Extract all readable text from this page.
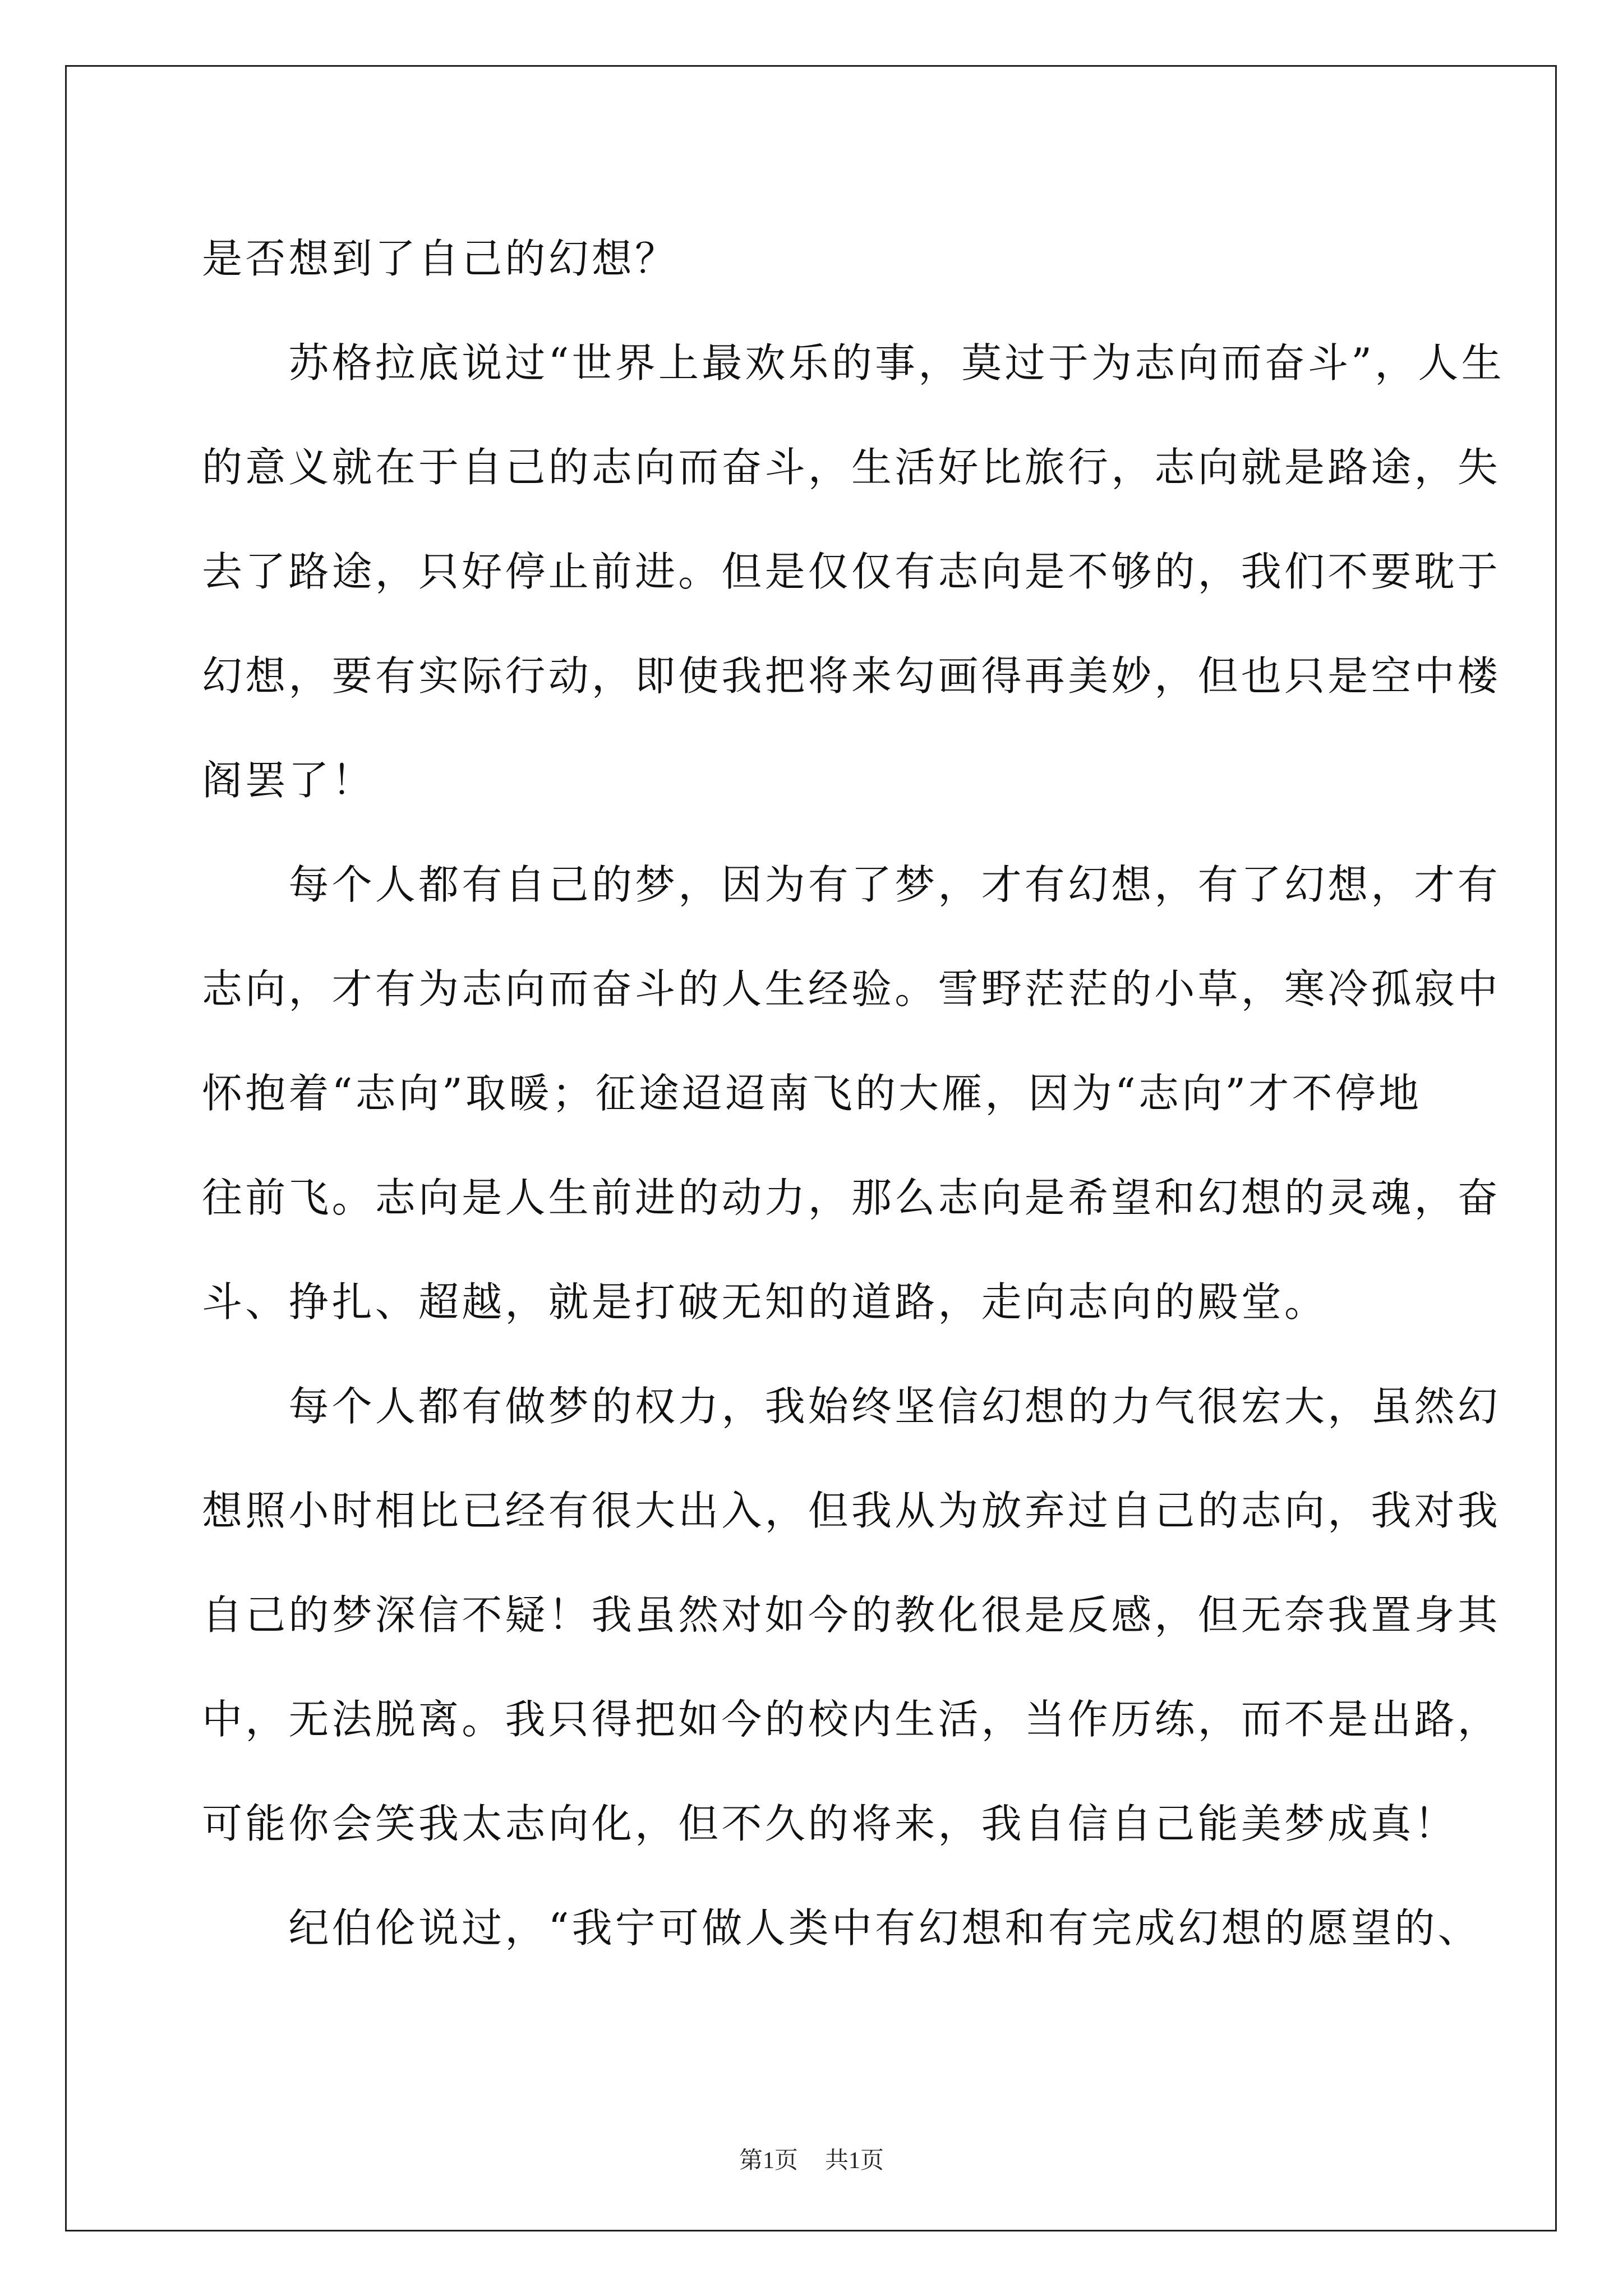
是否想到了自己的幻想？
　　苏格拉底说过“世界上最欢乐的事，莫过于为志向而奋斗”，人生
的意义就在于自己的志向而奋斗，生活好比旅行，志向就是路途，失
去了路途，只好停止前进。但是仅仅有志向是不够的，我们不要耽于
幻想，要有实际行动，即使我把将来勾画得再美妙，但也只是空中楼
阁罢了！
　　每个人都有自己的梦，因为有了梦，才有幻想，有了幻想，才有
志向，才有为志向而奋斗的人生经验。雪野茫茫的小草，寒冷孤寂中
怀抱着“志向”取暖；征途迢迢南飞的大雁，因为“志向”才不停地
往前飞。志向是人生前进的动力，那么志向是希望和幻想的灵魂，奋
斗、挣扎、超越，就是打破无知的道路，走向志向的殿堂。
　　每个人都有做梦的权力，我始终坚信幻想的力气很宏大，虽然幻
想照小时相比已经有很大出入，但我从为放弃过自己的志向，我对我
自己的梦深信不疑！我虽然对如今的教化很是反感，但无奈我置身其
中，无法脱离。我只得把如今的校内生活，当作历练，而不是出路，
可能你会笑我太志向化，但不久的将来，我自信自己能美梦成真！
　　纪伯伦说过，“我宁可做人类中有幻想和有完成幻想的愿望的、
第1页 共1页
